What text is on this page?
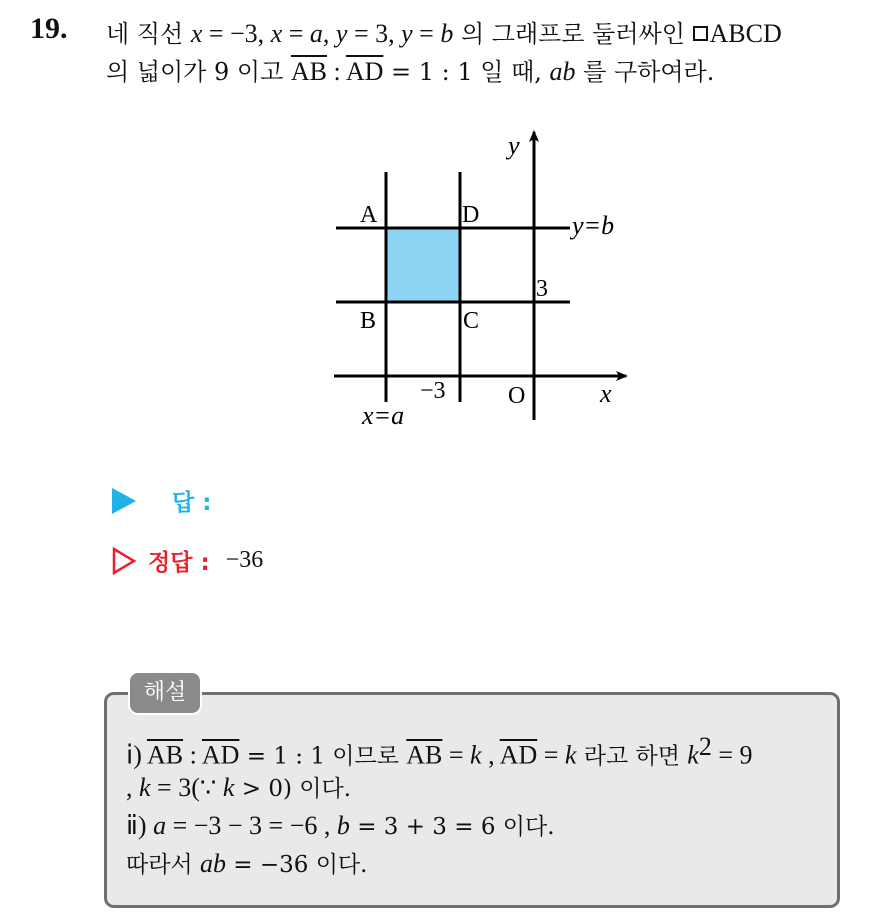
19. 네 직선 x = −3, x = a, y = 3, y = b 의 그래프로 둘러싸인 ABCD
의 넓이가 9 이고 $\overline{AB}$ : $\overline{AD} = 1$ : 1 일 때, ab 를 구하여라.
A	D
B	C
O
3
−3
y
x
y=b
x=a
답 :
정답 : −36
해설
ⅰ) $\overline{AB}$ : $\overline{AD} = 1$ : 1 이므로 $\overline{AB} = k$ , $\overline{AD} = k$ 라고 하면 $k^2 = 9$
, k = 3(∵ k > 0) 이다.
ⅱ) a = −3 − 3 = −6 , b = 3 + 3 = 6 이다.
따라서 ab = −36 이다.
